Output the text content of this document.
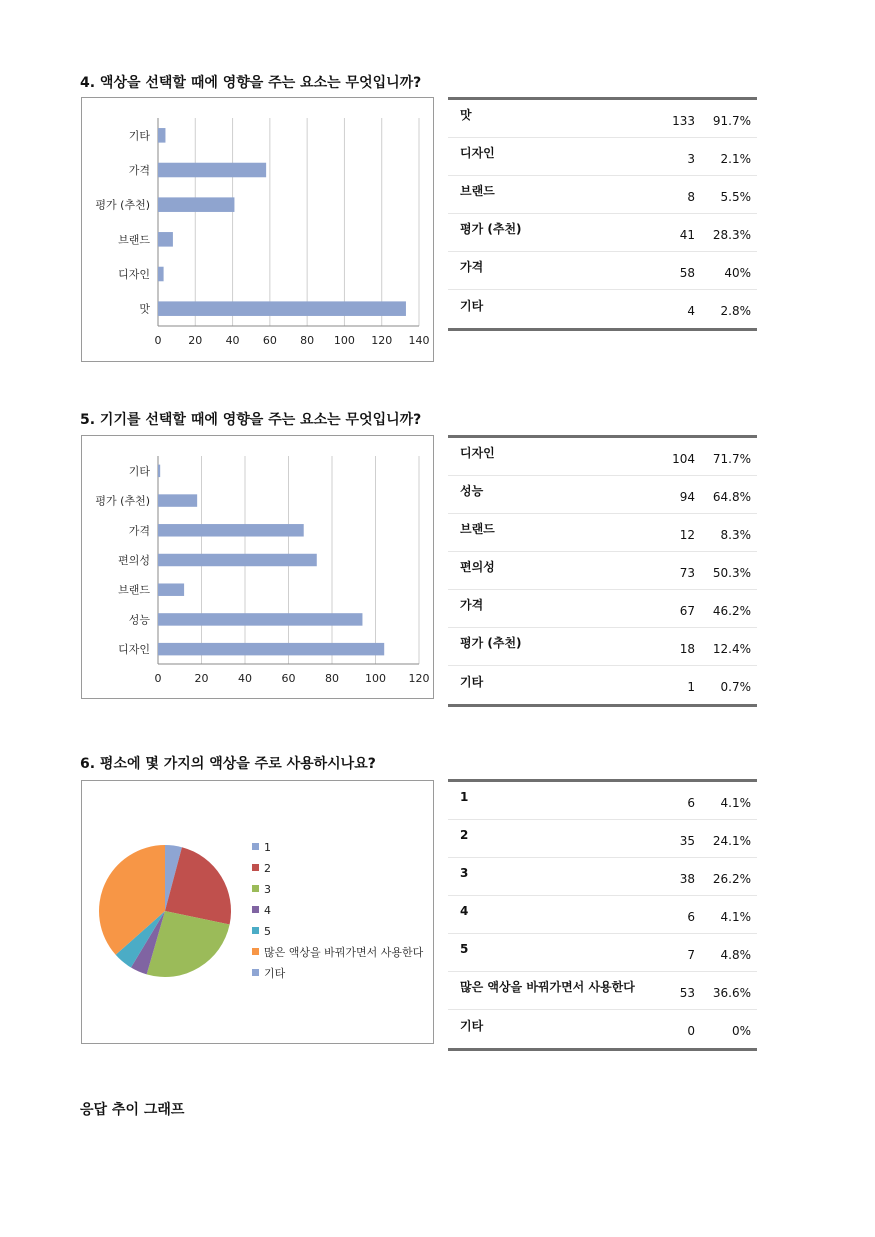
4. 액상을 선택할 때에 영향을 주는 요소는 무엇입니까?
0 20 40 60 80 100 120 140
맛
디자인
브랜드
평가 (추천)
가격
기타
맛	133	91.7%
디자인	3	2.1%
브랜드	8	5.5%
평가 (추천)	41	28.3%
가격	58	40%
기타	4	2.8%
5. 기기를 선택할 때에 영향을 주는 요소는 무엇입니까?
0	20	40	60	80 100 120
디자인
성능
브랜드
편의성
가격
평가 (추천)
기타
디자인	104	71.7%
성능	94	64.8%
브랜드	12	8.3%
편의성	73	50.3%
가격	67	46.2%
평가 (추천)	18	12.4%
기타	1	0.7%
6. 평소에 몇 가지의 액상을 주로 사용하시나요?
1
2
3
4
5
많은 액상을 바꿔가면서 사용한다
기타
1	6	4.1%
2	35	24.1%
3	38	26.2%
4	6	4.1%
5	7	4.8%
많은 액상을 바꿔가면서 사용한다	53	36.6%
기타	0	0%
응답 추이 그래프
